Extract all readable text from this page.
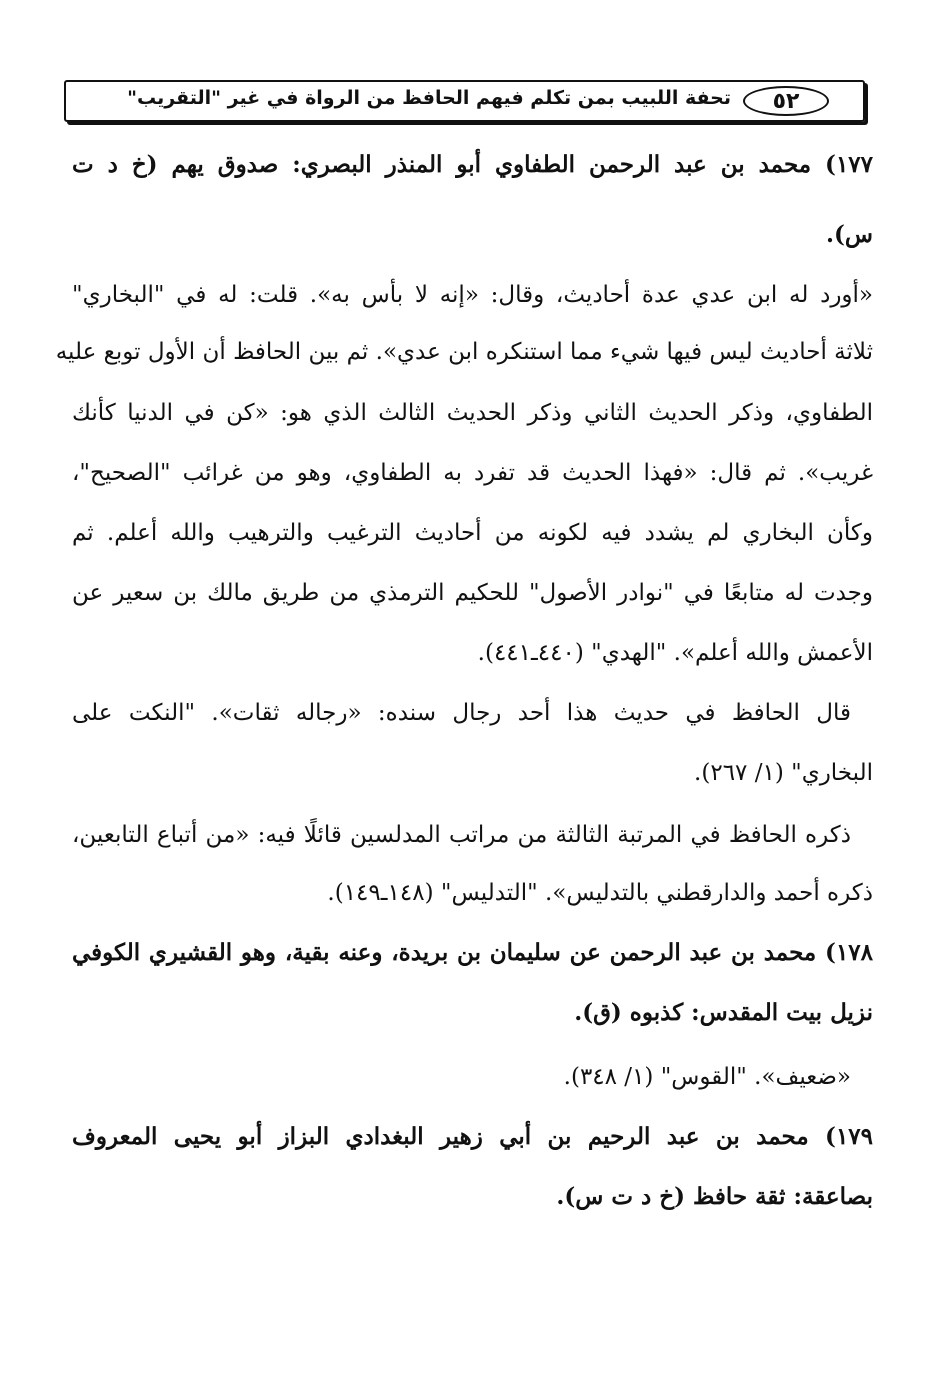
٥٢
تحفة اللبيب بمن تكلم فيهم الحافظ من الرواة في غير "التقريب"
١٧٧) محمد بن عبد الرحمن الطفاوي أبو المنذر البصري: صدوق يهم (خ د ت
س).
«أورد له ابن عدي عدة أحاديث، وقال: «إنه لا بأس به». قلت: له في "البخاري"
ثلاثة أحاديث ليس فيها شيء مما استنكره ابن عدي». ثم بين الحافظ أن الأول توبع عليه
الطفاوي، وذكر الحديث الثاني وذكر الحديث الثالث الذي هو: «كن في الدنيا كأنك
غريب». ثم قال: «فهذا الحديث قد تفرد به الطفاوي، وهو من غرائب "الصحيح"،
وكأن البخاري لم يشدد فيه لكونه من أحاديث الترغيب والترهيب والله أعلم. ثم
وجدت له متابعًا في "نوادر الأصول" للحكيم الترمذي من طريق مالك بن سعير عن
الأعمش والله أعلم». "الهدي" (٤٤٠ـ٤٤١).
قال الحافظ في حديث هذا أحد رجال سنده: «رجاله ثقات». "النكت على
البخاري" (١/ ٢٦٧).
ذكره الحافظ في المرتبة الثالثة من مراتب المدلسين قائلًا فيه: «من أتباع التابعين،
ذكره أحمد والدارقطني بالتدليس». "التدليس" (١٤٨ـ١٤٩).
١٧٨) محمد بن عبد الرحمن عن سليمان بن بريدة، وعنه بقية، وهو القشيري الكوفي
نزيل بيت المقدس: كذبوه (ق).
«ضعيف». "القوس" (١/ ٣٤٨).
١٧٩) محمد بن عبد الرحيم بن أبي زهير البغدادي البزاز أبو يحيى المعروف
بصاعقة: ثقة حافظ (خ د ت س).
